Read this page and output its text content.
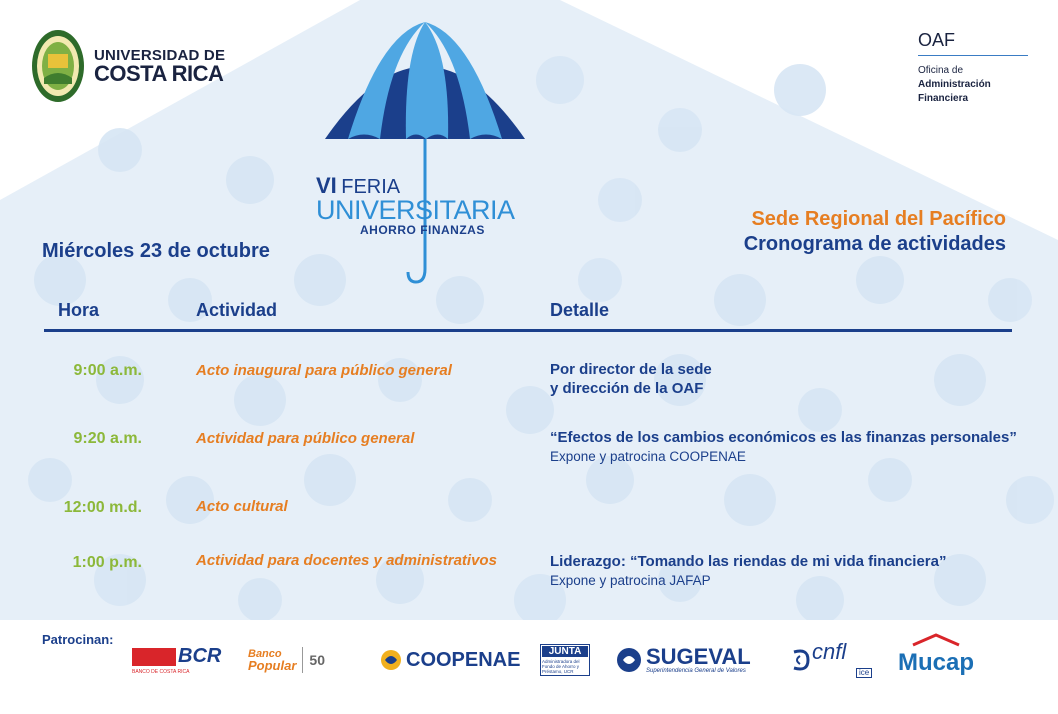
UNIVERSIDAD DE
COSTA RICA
OAF
Oficina de
Administración
Financiera
VI FERIA
UNIVERSITARIA
AHORRO FINANZAS
Miércoles 23 de octubre
Sede Regional del Pacífico
Cronograma de actividades
Hora	Actividad	Detalle
9:00 a.m.	Acto inaugural para público general	Por director de la sede
y dirección de la OAF
9:20 a.m.	Actividad para público general	“Efectos de los cambios económicos es las finanzas personales”
Expone y patrocina COOPENAE
12:00 m.d.	Acto cultural
1:00 p.m.	Actividad para docentes y administrativos	Liderazgo: “Tomando las riendas de mi vida financiera”
Expone y patrocina JAFAP
Patrocinan:
BCR
BANCO DE COSTA RICA
Banco
Popular 50	COOPENAE	JUNTA
Administradora del Fondo de Ahorro y Préstamo, UCR
SUGEVAL
Superintendencia General de Valores
cnfl
ice Mucap
